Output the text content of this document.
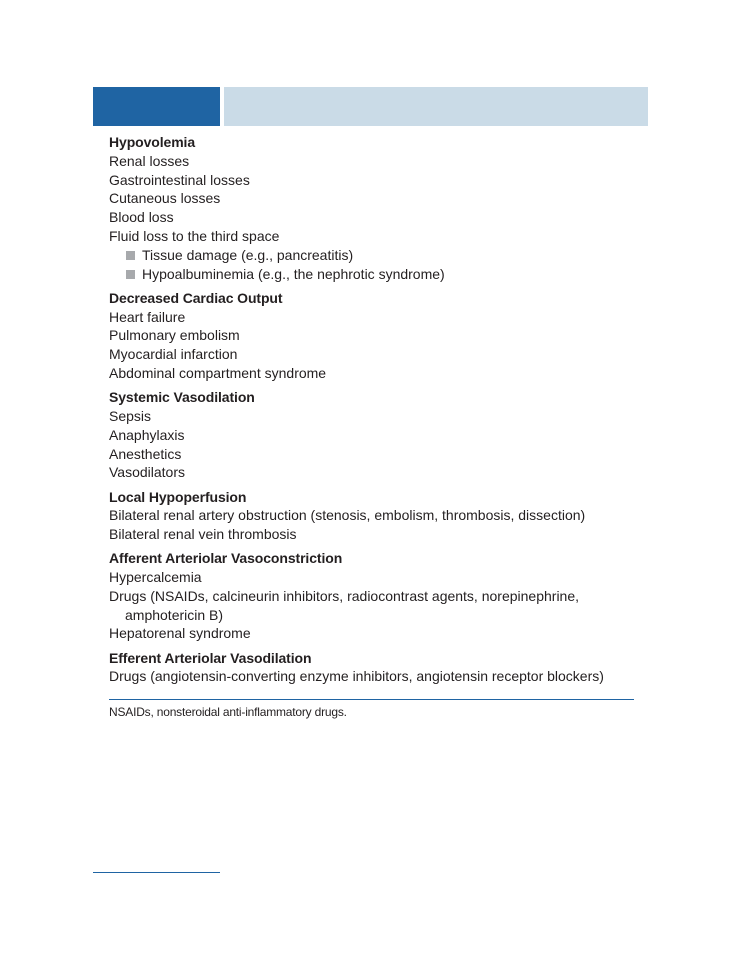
Hypovolemia
Renal losses
Gastrointestinal losses
Cutaneous losses
Blood loss
Fluid loss to the third space
Tissue damage (e.g., pancreatitis)
Hypoalbuminemia (e.g., the nephrotic syndrome)
Decreased Cardiac Output
Heart failure
Pulmonary embolism
Myocardial infarction
Abdominal compartment syndrome
Systemic Vasodilation
Sepsis
Anaphylaxis
Anesthetics
Vasodilators
Local Hypoperfusion
Bilateral renal artery obstruction (stenosis, embolism, thrombosis, dissection)
Bilateral renal vein thrombosis
Afferent Arteriolar Vasoconstriction
Hypercalcemia
Drugs (NSAIDs, calcineurin inhibitors, radiocontrast agents, norepinephrine, amphotericin B)
Hepatorenal syndrome
Efferent Arteriolar Vasodilation
Drugs (angiotensin-converting enzyme inhibitors, angiotensin receptor blockers)
NSAIDs, nonsteroidal anti-inflammatory drugs.
